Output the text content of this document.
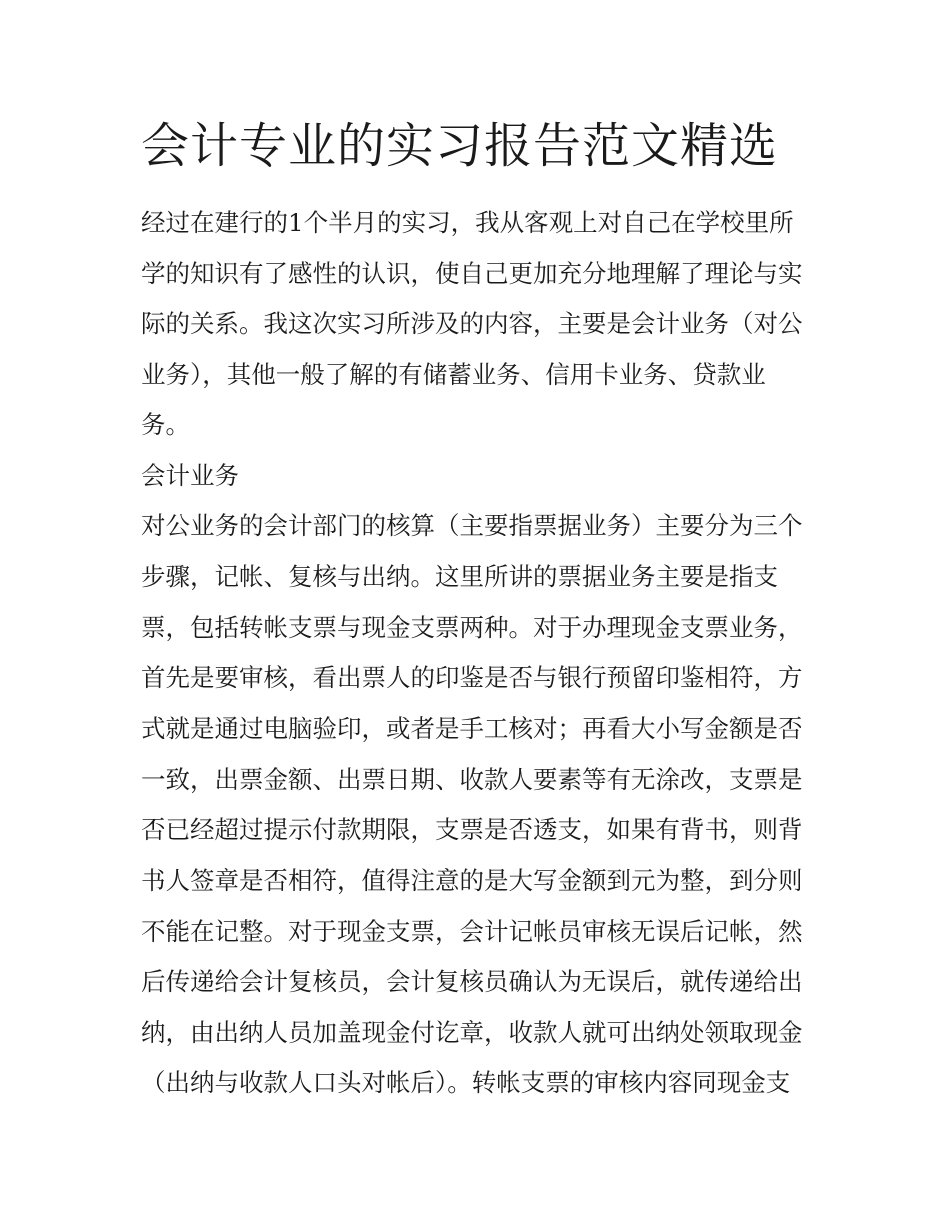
会计专业的实习报告范文精选

经过在建行的1个半月的实习，我从客观上对自己在学校里所

学的知识有了感性的认识，使自己更加充分地理解了理论与实

际的关系。我这次实习所涉及的内容，主要是会计业务（对公

业务），其他一般了解的有储蓄业务、信用卡业务、贷款业

务。

会计业务

对公业务的会计部门的核算（主要指票据业务）主要分为三个

步骤，记帐、复核与出纳。这里所讲的票据业务主要是指支

票，包括转帐支票与现金支票两种。对于办理现金支票业务，

首先是要审核，看出票人的印鉴是否与银行预留印鉴相符，方

式就是通过电脑验印，或者是手工核对；再看大小写金额是否

一致，出票金额、出票日期、收款人要素等有无涂改，支票是

否已经超过提示付款期限，支票是否透支，如果有背书，则背

书人签章是否相符，值得注意的是大写金额到元为整，到分则

不能在记整。对于现金支票，会计记帐员审核无误后记帐，然

后传递给会计复核员，会计复核员确认为无误后，就传递给出

纳，由出纳人员加盖现金付讫章，收款人就可出纳处领取现金

（出纳与收款人口头对帐后）。转帐支票的审核内容同现金支
